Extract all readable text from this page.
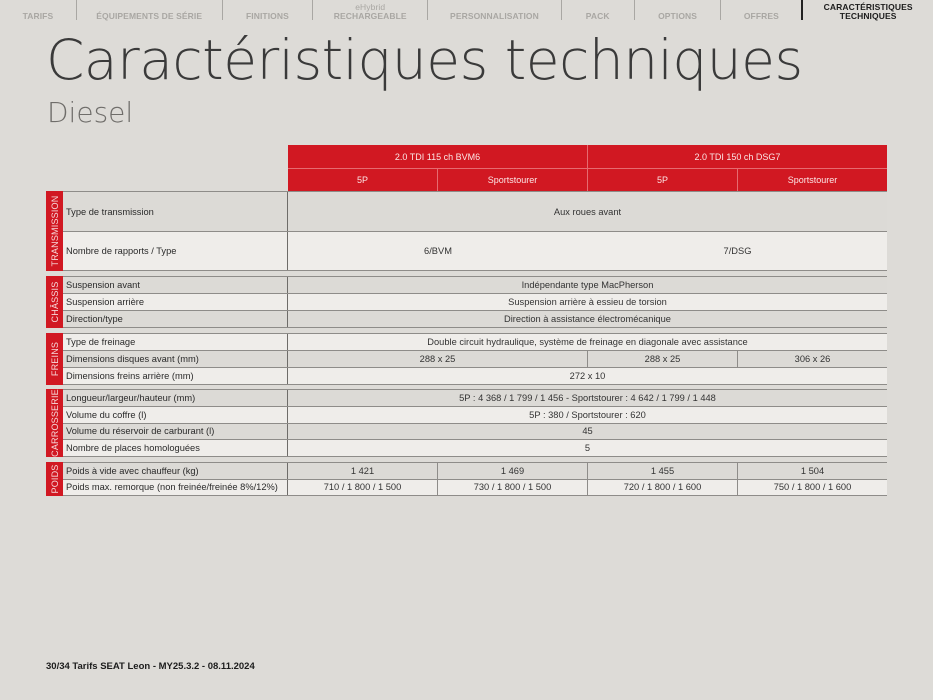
TARIFS	ÉQUIPEMENTS DE SÉRIE	FINITIONS
eHybrid
RECHARGEABLE	PERSONNALISATION	PACK	OPTIONS	OFFRES
CARACTÉRISTIQUES
TECHNIQUES
Caractéristiques techniques
Diesel
2.0 TDI 115 ch BVM6	2.0 TDI 150 ch DSG7
5P	Sportstourer	5P	Sportstourer
TRANSMISSION Type de transmission	Aux roues avant
Nombre de rapports / Type	6/BVM	7/DSG
CHÂSSIS Suspension avant	Indépendante type MacPherson
Suspension arrière	Suspension arrière à essieu de torsion
Direction/type	Direction à assistance électromécanique
FREINS Type de freinage	Double circuit hydraulique, système de freinage en diagonale avec assistance
Dimensions disques avant (mm)	288 x 25	288 x 25	306 x 26
Dimensions freins arrière (mm)	272 x 10
CARROSSERIE Longueur/largeur/hauteur (mm)	5P : 4 368 / 1 799 / 1 456 - Sportstourer : 4 642 / 1 799 / 1 448
Volume du coffre (l)	5P : 380 / Sportstourer : 620
Volume du réservoir de carburant (l)	45
Nombre de places homologuées	5
POIDS Poids à vide avec chauffeur (kg)	1 421	1 469	1 455	1 504
Poids max. remorque (non freinée/freinée 8%/12%)	710 / 1 800 / 1 500	730 / 1 800 / 1 500	720 / 1 800 / 1 600	750 / 1 800 / 1 600
30/34 Tarifs SEAT Leon - MY25.3.2 - 08.11.2024
